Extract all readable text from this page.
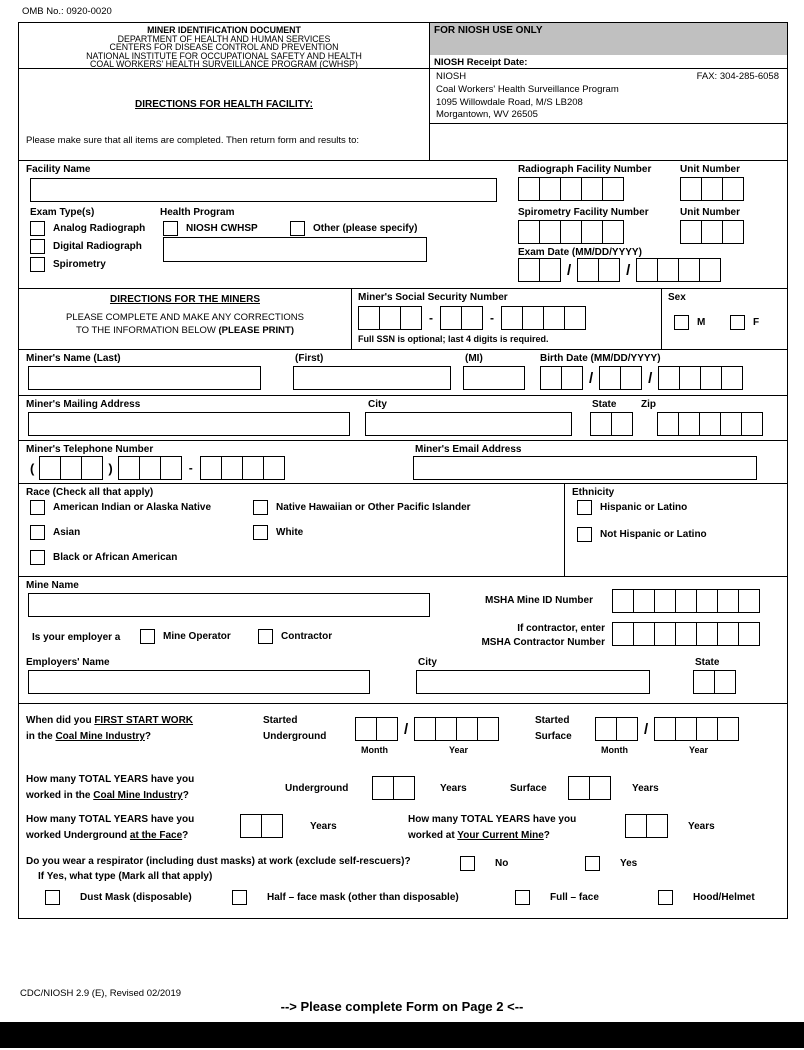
OMB No.: 0920-0020
MINER IDENTIFICATION DOCUMENT
DEPARTMENT OF HEALTH AND HUMAN SERVICES
CENTERS FOR DISEASE CONTROL AND PREVENTION
NATIONAL INSTITUTE FOR OCCUPATIONAL SAFETY AND HEALTH
COAL WORKERS' HEALTH SURVEILLANCE PROGRAM (CWHSP)
FOR NIOSH USE ONLY
NIOSH Receipt Date:
DIRECTIONS FOR HEALTH FACILITY:
Please make sure that all items are completed. Then return form and results to:
NIOSH	FAX: 304-285-6058
Coal Workers' Health Surveillance Program
1095 Willowdale Road, M/S LB208
Morgantown, WV 26505
Facility Name	Radiograph Facility Number	Unit Number
Exam Type(s)	Health Program
Analog Radiograph	NIOSH CWHSP	Other (please specify)
Digital Radiograph
Spirometry
Spirometry Facility Number	Unit Number
Exam Date (MM/DD/YYYY)
/	/
DIRECTIONS FOR THE MINERS
PLEASE COMPLETE AND MAKE ANY CORRECTIONS
TO THE INFORMATION BELOW (PLEASE PRINT)
Miner's Social Security Number
-	-
Full SSN is optional; last 4 digits is required.
Sex
M	F
Miner's Name (Last)	(First)	(MI)	Birth Date (MM/DD/YYYY)
/	/
Miner's Mailing Address	City	State Zip
Miner's Telephone Number	Miner's Email Address
(	)	-
Race (Check all that apply)
American Indian or Alaska Native
Asian
Black or African American
Native Hawaiian or Other Pacific Islander
White
Ethnicity
Hispanic or Latino
Not Hispanic or Latino
Mine Name
MSHA Mine ID Number
Is your employer a	Mine Operator	Contractor
If contractor, enter
MSHA Contractor Number
Employers' Name	City	State
When did you FIRST START WORK
in the Coal Mine Industry?
Started
Underground	/
Month	Year
Started
Surface	/
Month	Year
How many TOTAL YEARS have you
worked in the Coal Mine Industry?
Underground	Years	Surface	Years
How many TOTAL YEARS have you
worked Underground at the Face?
Years
How many TOTAL YEARS have you
worked at Your Current Mine?
Years
Do you wear a respirator (including dust masks) at work (exclude self-rescuers)?
If Yes, what type (Mark all that apply)
No	Yes
Dust Mask (disposable)	Half – face mask (other than disposable)	Full – face	Hood/Helmet
CDC/NIOSH 2.9 (E), Revised 02/2019
--> Please complete Form on Page 2 <--
